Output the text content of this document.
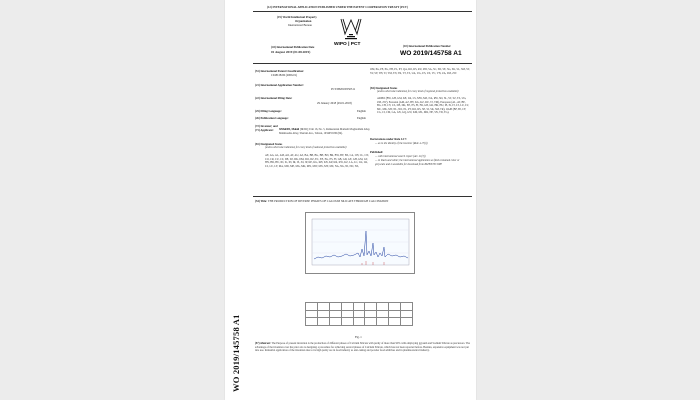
WO 2019/145758 A1
(12) INTERNATIONAL APPLICATION PUBLISHED UNDER THE PATENT COOPERATION TREATY (PCT)
(19) World Intellectual Property
Organization
International Bureau
(43) International Publication Date
01 August 2019 (01.08.2019)
WIPO | PCT	(10) International Publication Number
WO 2019/145758 A1
(51) International Patent Classification:
C04B 28/06 (2006.01)
(21) International Application Number:
PCT/IB2018/050511
(22) International Filing Date:
29 January 2018 (29.01.2018)
(25) Filing Language:	English
(26) Publication Language:	English
(72) Inventor; and
(71) Applicant: SHARIFI, Mahdi [IR/IR]; Unit 16, No. 5, Ramezanian Mamadi Moghaddam Alley, Mahmoudie Alley, Shariati Ave., Tehran, 1934955186 (IR).
(81) Designated States
(unless otherwise indicated, for every kind of national protection available):
AE, AG, AL, AM, AO, AT, AU, AZ, BA, BB, BG, BH, BN, BR, BW, BY, BZ, CA, CH, CL, CN, CO, CR, CU, CZ, DE, DJ, DK, DM, DO, DZ, EC, EE, EG, ES, FI, GB, GD, GE, GH, GM, GT, HN, HR, HU, ID, IL, IN, IR, IS, JO, JP, KE, KG, KH, KN, KP, KR, KW, KZ, LA, LC, LK, LR, LS, LU, LY, MA, MD, ME, MG, MK, MN, MW, MX, MY, MZ, NA, NG, NI, NO, NZ,
OM, PA, PE, PG, PH, PL, PT, QA, RO, RS, RU, RW, SA, SC, SD, SE, SG, SK, SL, SM, ST, SV, SY, TH, TJ, TM, TN, TR, TT, TZ, UA, UG, US, UZ, VC, VN, ZA, ZM, ZW.
(84) Designated States
(unless otherwise indicated, for every kind of regional protection available):
ARIPO (BW, GH, GM, KE, LR, LS, MW, MZ, NA, RW, SD, SL, ST, SZ, TZ, UG, ZM, ZW), Eurasian (AM, AZ, BY, KG, KZ, RU, TJ, TM), European (AL, AT, BE, BG, CH, CY, CZ, DE, DK, EE, ES, FI, FR, GB, GR, HR, HU, IE, IS, IT, LT, LU, LV, MC, MK, MT, NL, NO, PL, PT, RO, RS, SE, SI, SK, SM, TR), OAPI (BF, BJ, CF, CG, CI, CM, GA, GN, GQ, GW, KM, ML, MR, NE, SN, TD, TG).
Declarations under Rule 4.17:
— as to the identity of the inventor (Rule 4.17(i))
Published:
— with international search report (Art. 21(3))
— in black and white; the international application as filed contained color or greyscale and is available for download from PATENTSCOPE
(54) Title: THE PRODUCTION OF DIVERSE PHASES OF CALCIUM SILICATE THROUGH CALCINATION

Fig. 1
(57) Abstract: The Purpose of present invention is the production of different phases of Calcium Silicate with purity of more than 90% with employing gypsum and Sodium Silicate as precursors. The advantage of the invention over the prior arts is designing a procedure for achieving several phases of Calcium Silicate, which has not been reported before. Besides, expensive equipment was not put into use. Industrial application of the invention due to its high purity are in food industry as anti-caking and powder food additives and in pharmaceutical industry.
